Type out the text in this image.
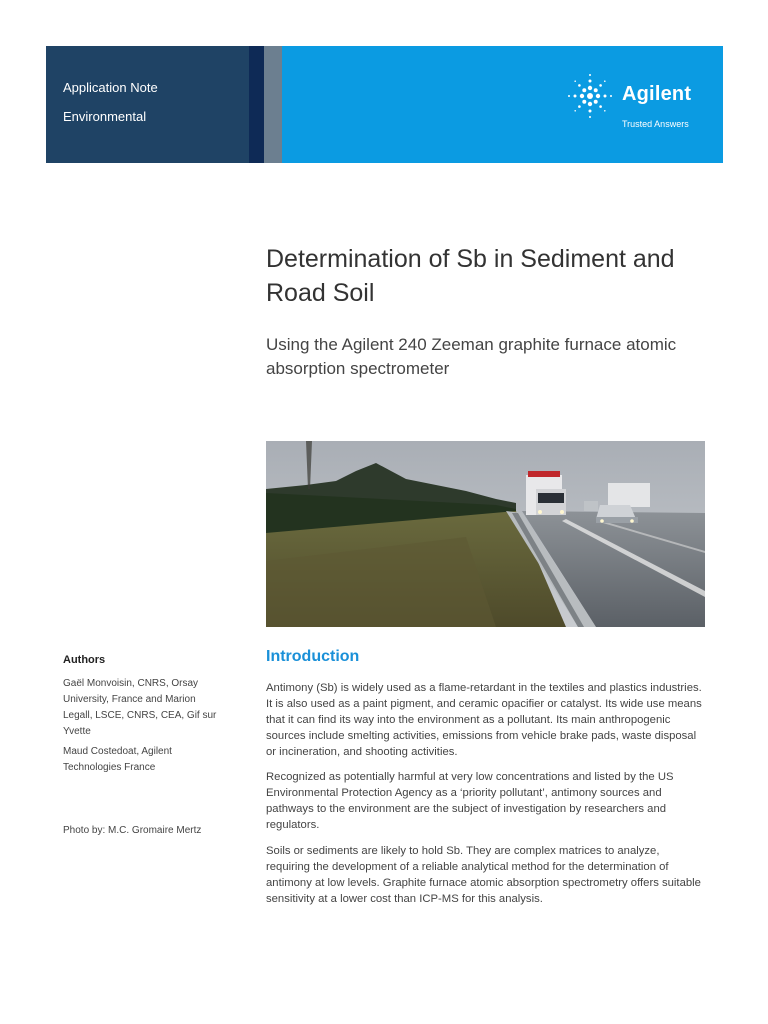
Application Note
Environmental
Agilent
Trusted Answers
Determination of Sb in Sediment and Road Soil

Using the Agilent 240 Zeeman graphite furnace atomic absorption spectrometer

Authors
Gaël Monvoisin, CNRS, Orsay University, France and Marion Legall, LSCE, CNRS, CEA, Gif sur Yvette
Maud Costedoat, Agilent Technologies France
Photo by: M.C. Gromaire Mertz
Introduction

Antimony (Sb) is widely used as a flame-retardant in the textiles and plastics industries. It is also used as a paint pigment, and ceramic opacifier or catalyst. Its wide use means that it can find its way into the environment as a pollutant. Its main anthropogenic sources include smelting activities, emissions from vehicle brake pads, waste disposal or incineration, and shooting activities.

Recognized as potentially harmful at very low concentrations and listed by the US Environmental Protection Agency as a ‘priority pollutant’, antimony sources and pathways to the environment are the subject of investigation by researchers and regulators.

Soils or sediments are likely to hold Sb. They are complex matrices to analyze, requiring the development of a reliable analytical method for the determination of antimony at low levels. Graphite furnace atomic absorption spectrometry offers suitable sensitivity at a lower cost than ICP-MS for this analysis.
